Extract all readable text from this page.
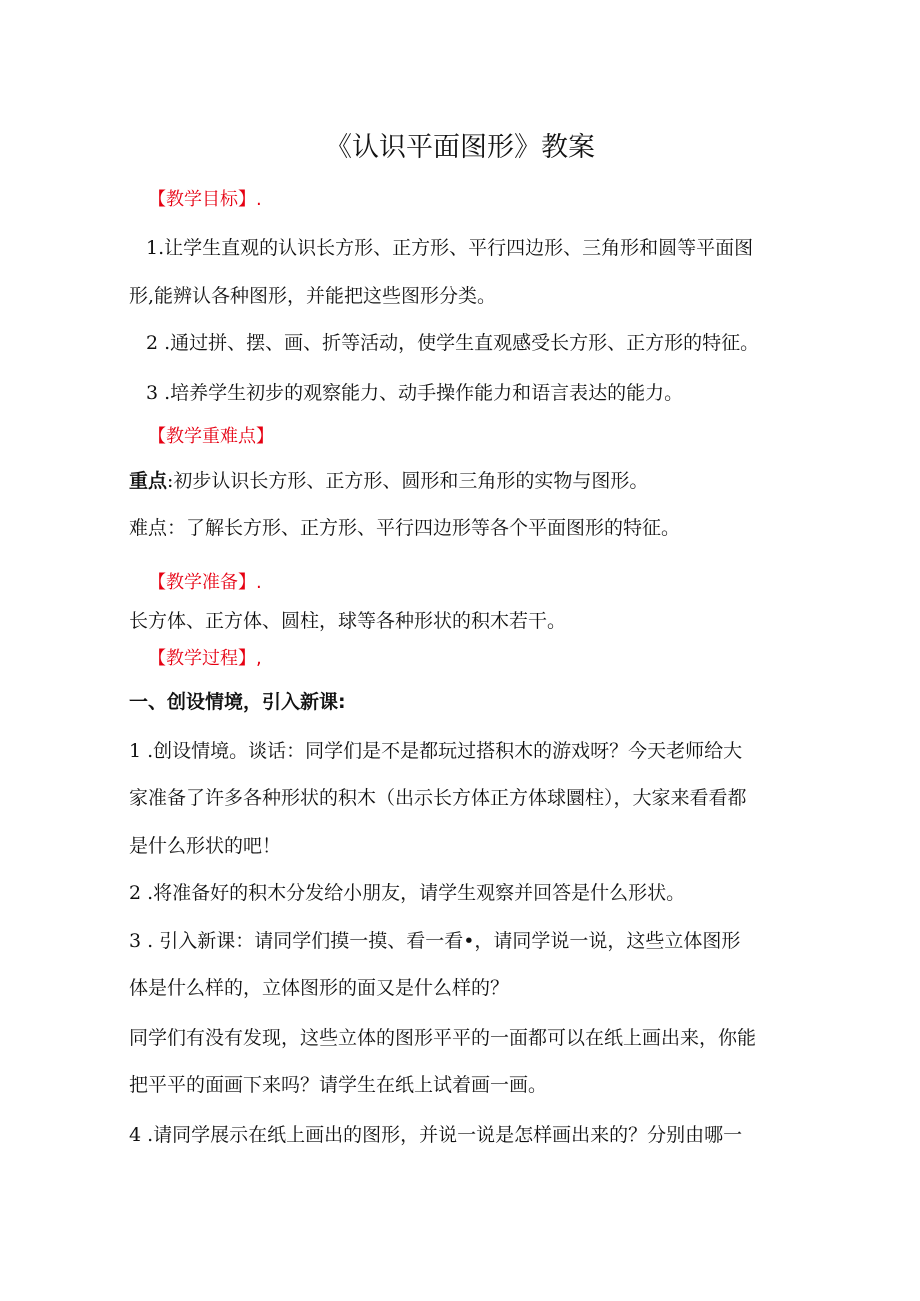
《认识平面图形》教案
【教学目标】.
1.让学生直观的认识长方形、正方形、平行四边形、三角形和圆等平面图
形,能辨认各种图形，并能把这些图形分类。
2 .通过拼、摆、画、折等活动，使学生直观感受长方形、正方形的特征。
3 .培养学生初步的观察能力、动手操作能力和语言表达的能力。
【教学重难点】
重点:初步认识长方形、正方形、圆形和三角形的实物与图形。
难点：了解长方形、正方形、平行四边形等各个平面图形的特征。
【教学准备】.
长方体、正方体、圆柱，球等各种形状的积木若干。
【教学过程】,
一、创设情境，引入新课:
1 .创设情境。谈话：同学们是不是都玩过搭积木的游戏呀？今天老师给大
家准备了许多各种形状的积木（出示长方体正方体球圜柱），大家来看看都
是什么形状的吧！
2 .将准备好的积木分发给小朋友，请学生观察并回答是什么形状。
3 . 引入新课：请同学们摸一摸、看一看•，请同学说一说，这些立体图形
体是什么样的，立体图形的面又是什么样的？
同学们有没有发现，这些立体的图形平平的一面都可以在纸上画出来，你能
把平平的面画下来吗？请学生在纸上试着画一画。
4 .请同学展示在纸上画出的图形，并说一说是怎样画出来的？分别由哪一
